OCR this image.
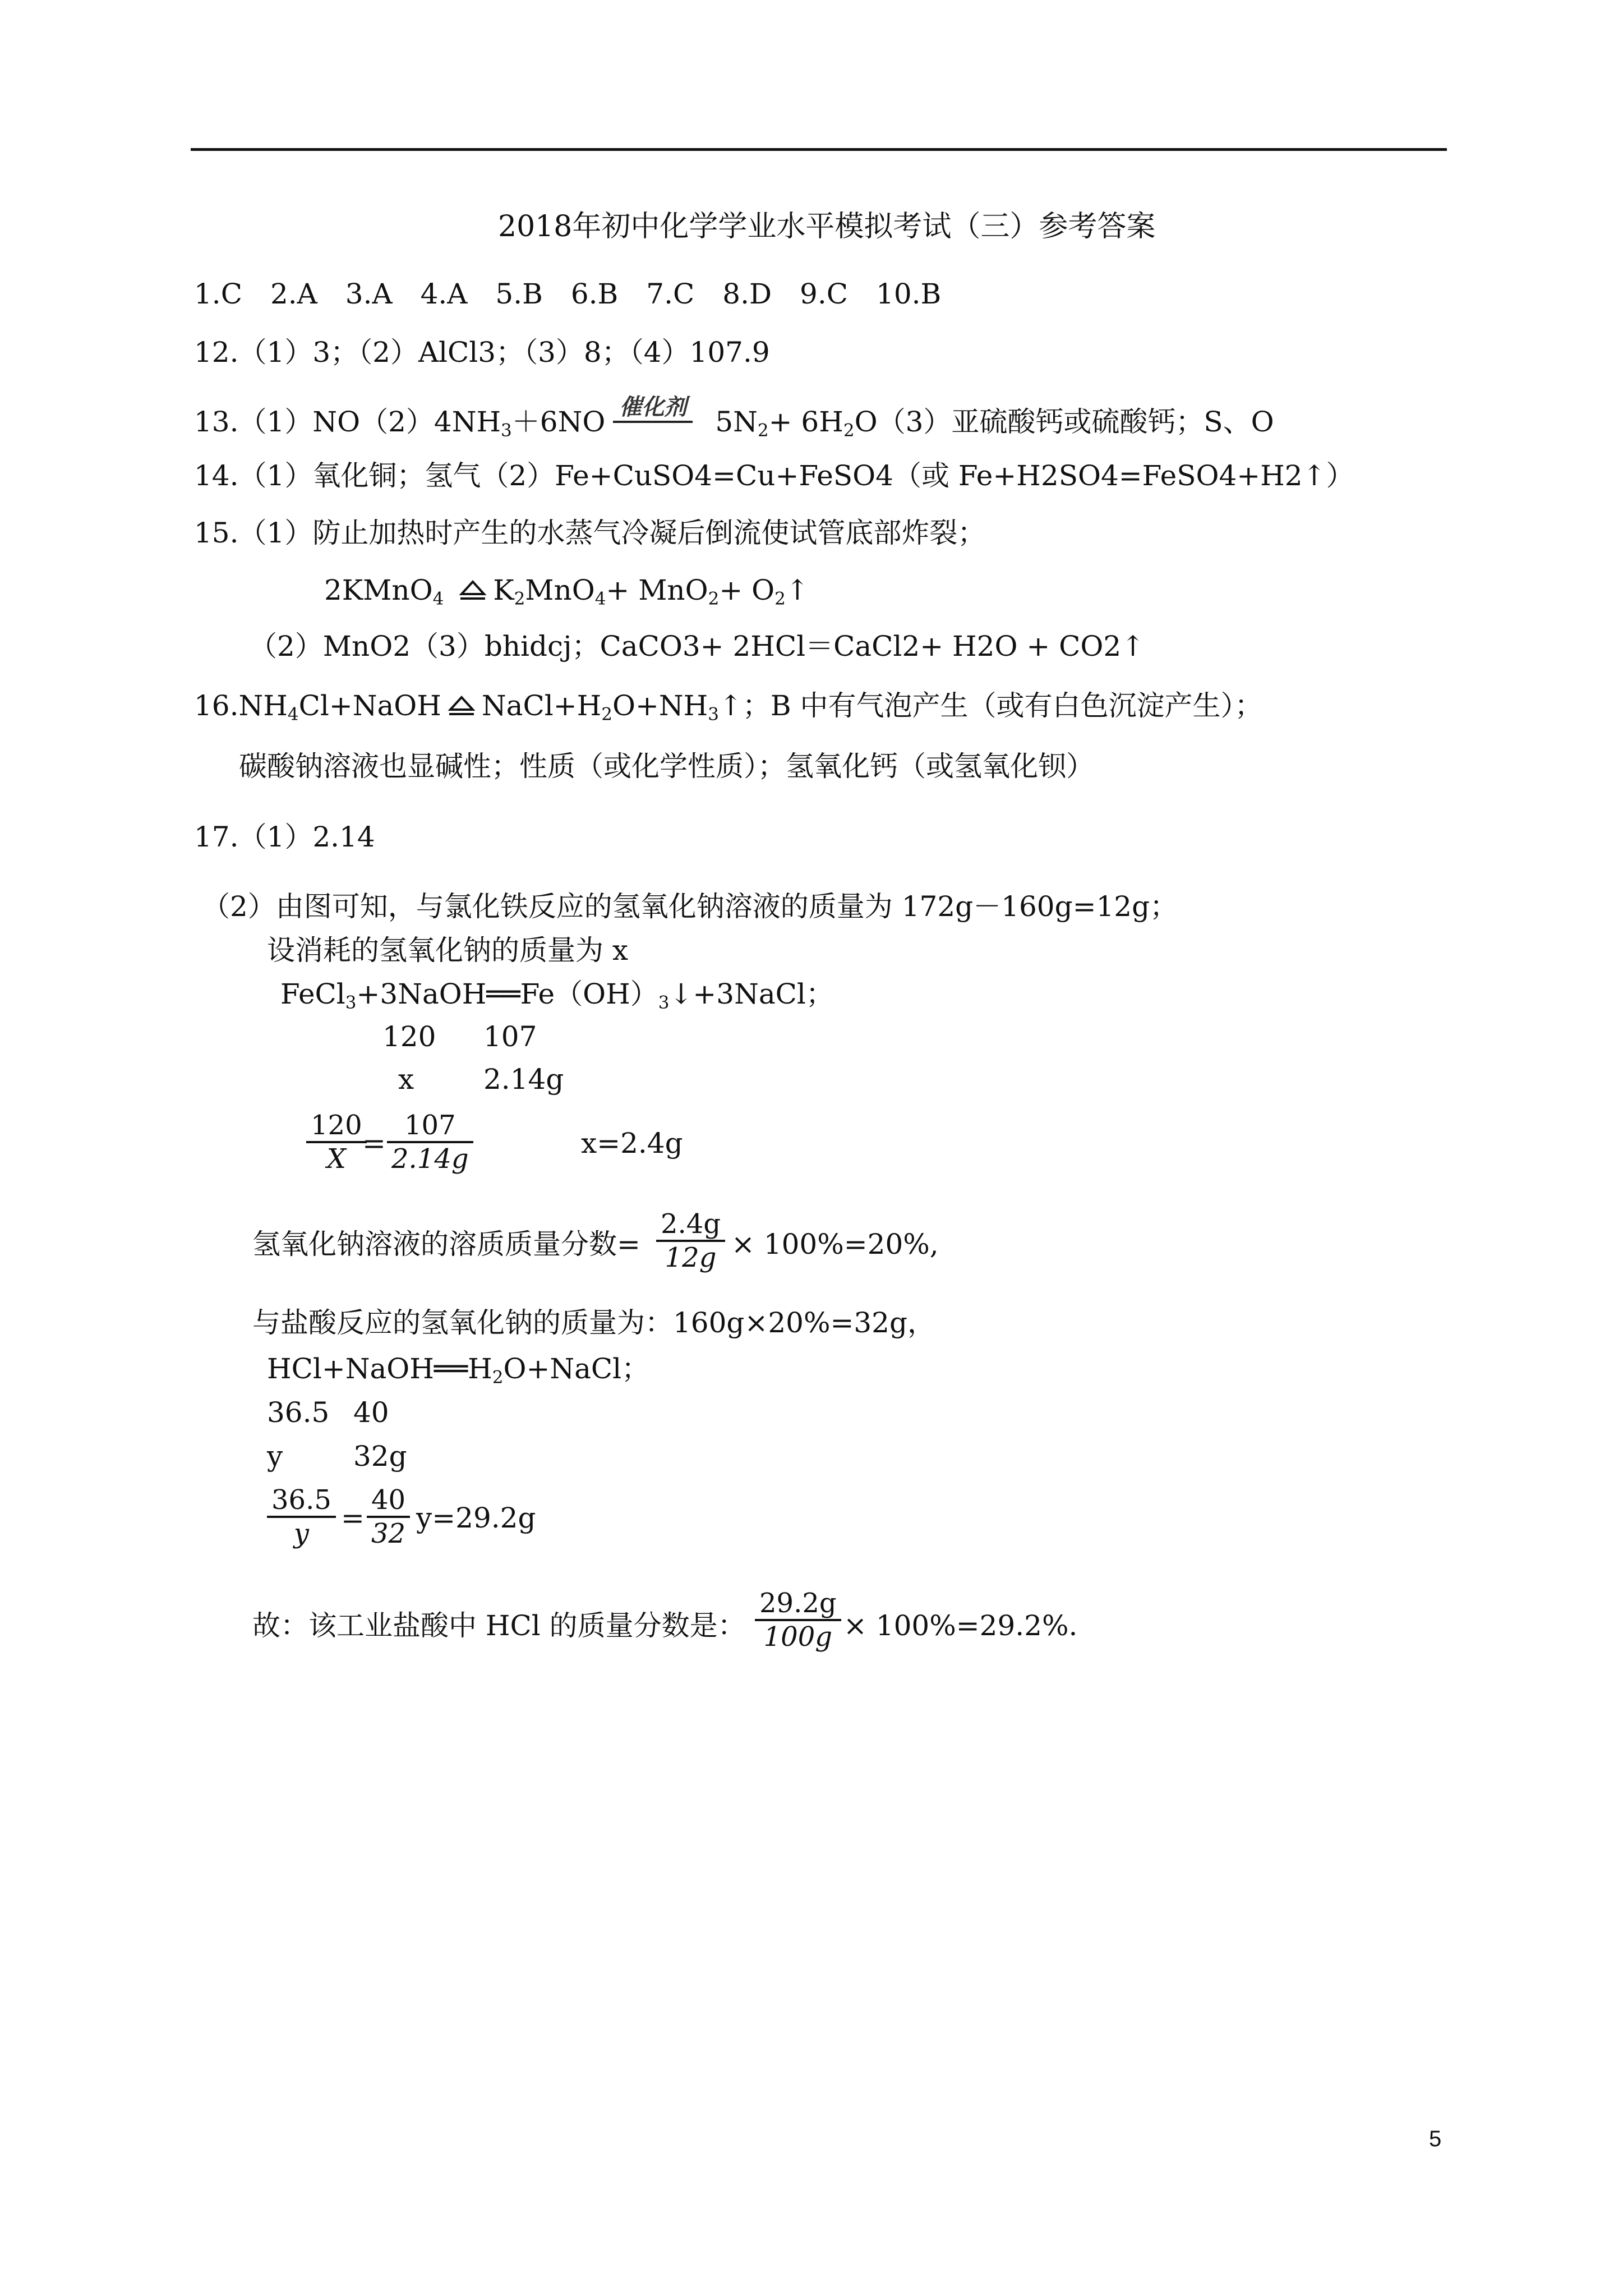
2018年初中化学学业水平模拟考试（三）参考答案
1.C　2.A　3.A　4.A　5.B　6.B　7.C　8.D　9.C　10.B
12.（1）3；（2）AlCl3；（3）8；（4）107.9
$13.(1)NO(2)4NH_3+6NO$ 催化剂	$5N_2+ 6H_2O(3)$亚硫酸钙或硫酸钙；S、O
14.（1）氧化铜；氢气（2）Fe+CuSO4=Cu+FeSO4（或 Fe+H2SO4=FeSO4+H2↑）
15.（1）防止加热时产生的水蒸气冷凝后倒流使试管底部炸裂；
2KMnO$_4$ $K_2MnO_4+ MnO_2+$ $O_2↑$
（2）MnO2（3）bhidcj；CaCO3+ 2HCl＝CaCl2+ H2O + CO2↑
$16.NH_4Cl+NaOH$ $NaCl+H_2O+NH_3↑$；B 中有气泡产生（或有白色沉淀产生）；
碳酸钠溶液也显碱性；性质（或化学性质）；氢氧化钙（或氢氧化钡）
17.（1）2.14
（2）由图可知，与氯化铁反应的氢氧化钠溶液的质量为 172g－160g=12g；
设消耗的氢氧化钠的质量为 x
$FeCl_3+3NaOH══Fe(OH)_3↓+3NaCl$；
120 107
x 2.14g
120
X =
107
2.14g	x=2.4g
氢氧化钠溶液的溶质质量分数=
2.4g
12g × 100%=20%,
与盐酸反应的氢氧化钠的质量为：160g×20%=32g，
$HCl+NaOH══H_2O+NaCl$；
36.5 40
y	32g
36.5
y	=
40
32 y=29.2g
故：该工业盐酸中 HCl 的质量分数是：
29.2g
100g × 100%=29.2%.
5
